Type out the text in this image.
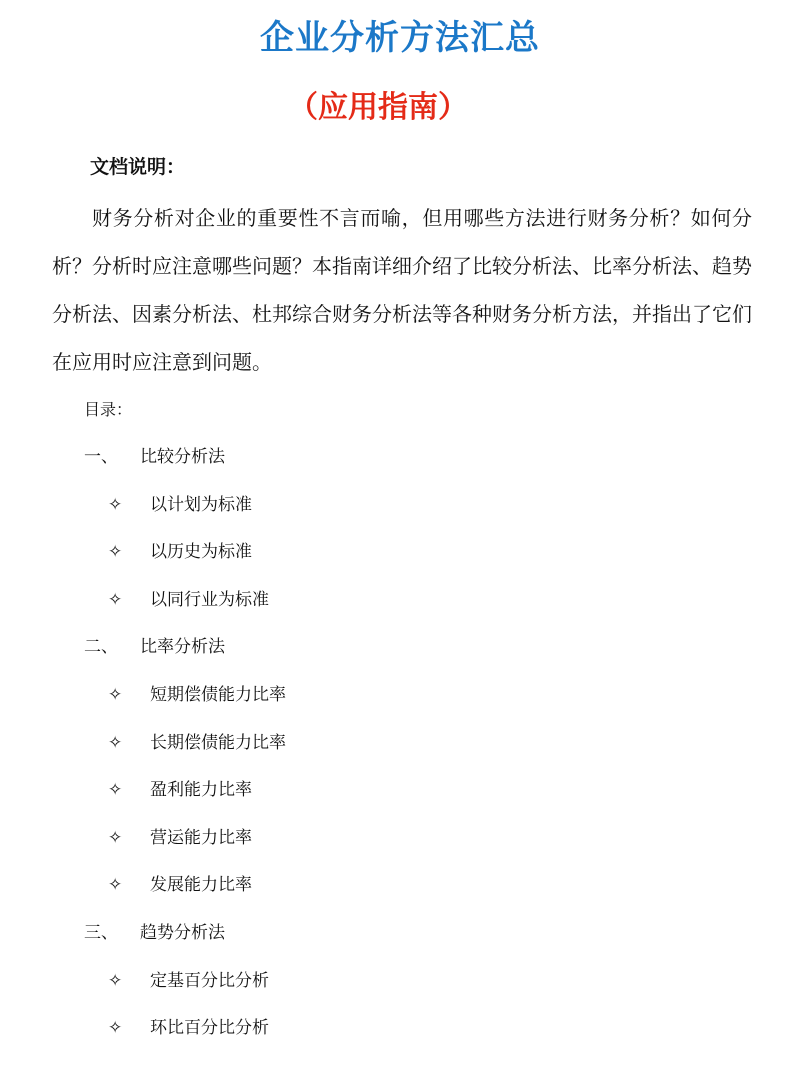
企业分析方法汇总
（应用指南）
文档说明：

财务分析对企业的重要性不言而喻，但用哪些方法进行财务分析？如何分析？分析时应注意哪些问题？本指南详细介绍了比较分析法、比率分析法、趋势分析法、因素分析法、杜邦综合财务分析法等各种财务分析方法，并指出了它们在应用时应注意到问题。

目录：
一、 比较分析法
✧ 以计划为标准
✧ 以历史为标准
✧ 以同行业为标准
二、 比率分析法
✧ 短期偿债能力比率
✧ 长期偿债能力比率
✧ 盈利能力比率
✧ 营运能力比率
✧ 发展能力比率
三、 趋势分析法
✧ 定基百分比分析
✧ 环比百分比分析
